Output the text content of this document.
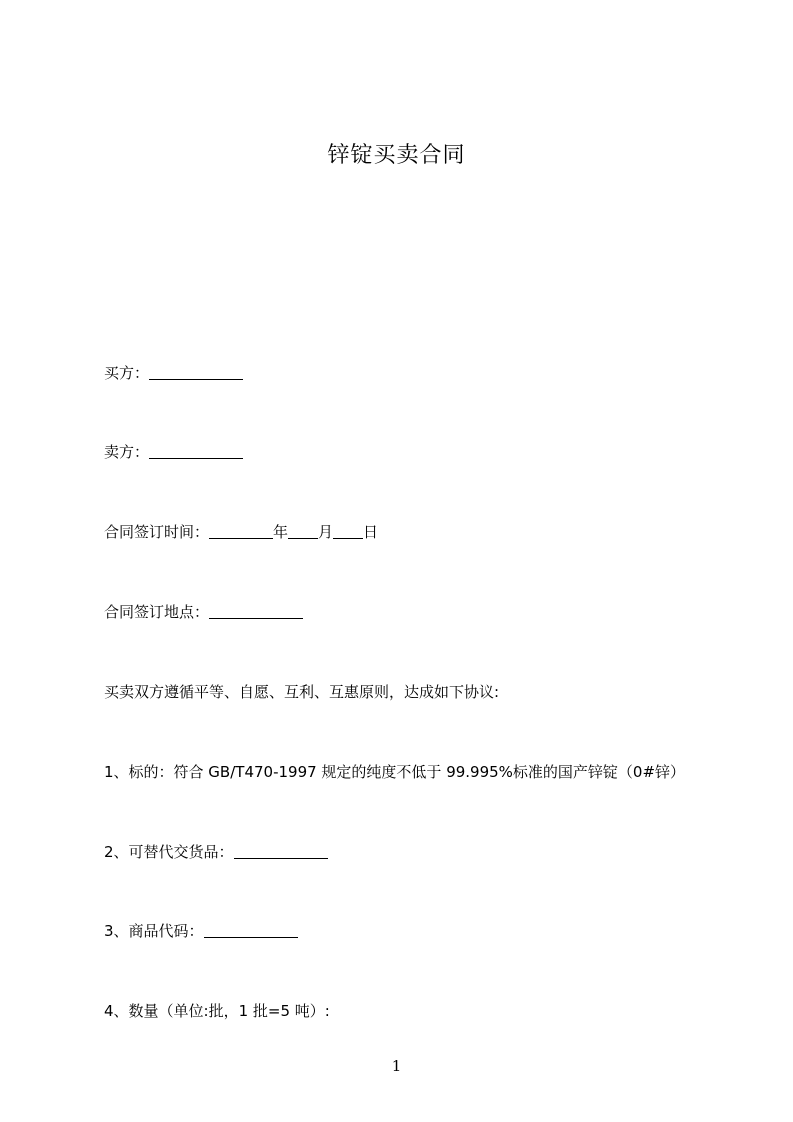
锌锭买卖合同
买方：
卖方：
合同签订时间：	年 月 日
合同签订地点：
买卖双方遵循平等、自愿、互利、互惠原则，达成如下协议:
1、标的：符合 GB/T470-1997 规定的纯度不低于 99.995%标准的国产锌锭（0#锌）
2、可替代交货品：
3、商品代码：
4、数量（单位:批，1 批=5 吨）:
1
